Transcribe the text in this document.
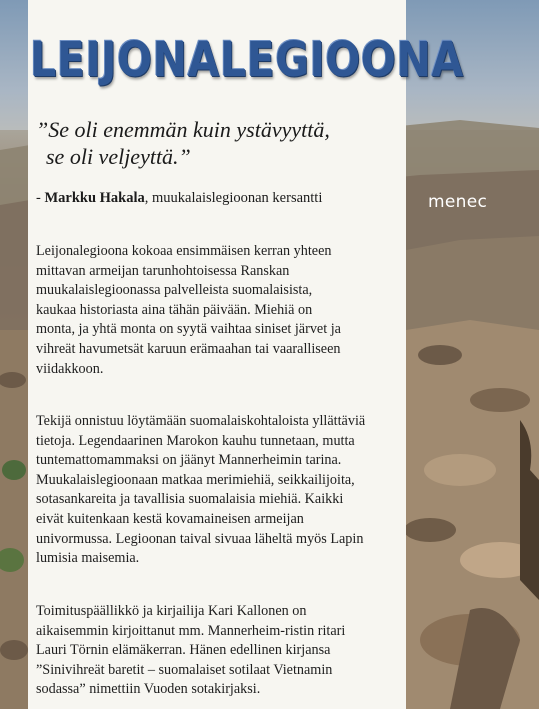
LEIJONALEGIOONA

”Se oli enemmän kuin ystävyyttä,
se oli veljeyttä.”

- Markku Hakala, muukalaislegioonan kersantti	menec

Leijonalegioona kokoaa ensimmäisen kerran yhteen
mittavan armeijan tarunhohtoisessa Ranskan
muukalaislegioonassa palvelleista suomalaisista,
kaukaa historiasta aina tähän päivään. Miehiä on
monta, ja yhtä monta on syytä vaihtaa siniset järvet ja
vihreät havumetsät karuun erämaahan tai vaaralliseen
viidakkoon.

Tekijä onnistuu löytämään suomalaiskohtaloista yllättäviä
tietoja. Legendaarinen Marokon kauhu tunnetaan, mutta
tuntemattomammaksi on jäänyt Mannerheimin tarina.
Muukalaislegioonaan matkaa merimiehiä, seikkailijoita,
sotasankareita ja tavallisia suomalaisia miehiä. Kaikki
eivät kuitenkaan kestä kovamaineisen armeijan
univormussa. Legioonan taival sivuaa läheltä myös Lapin
lumisia maisemia.

Toimituspäällikkö ja kirjailija Kari Kallonen on
aikaisemmin kirjoittanut mm. Mannerheim-ristin ritari
Lauri Törnin elämäkerran. Hänen edellinen kirjansa
”Sinivihreät baretit – suomalaiset sotilaat Vietnamin
sodassa” nimettiin Vuoden sotakirjaksi.
